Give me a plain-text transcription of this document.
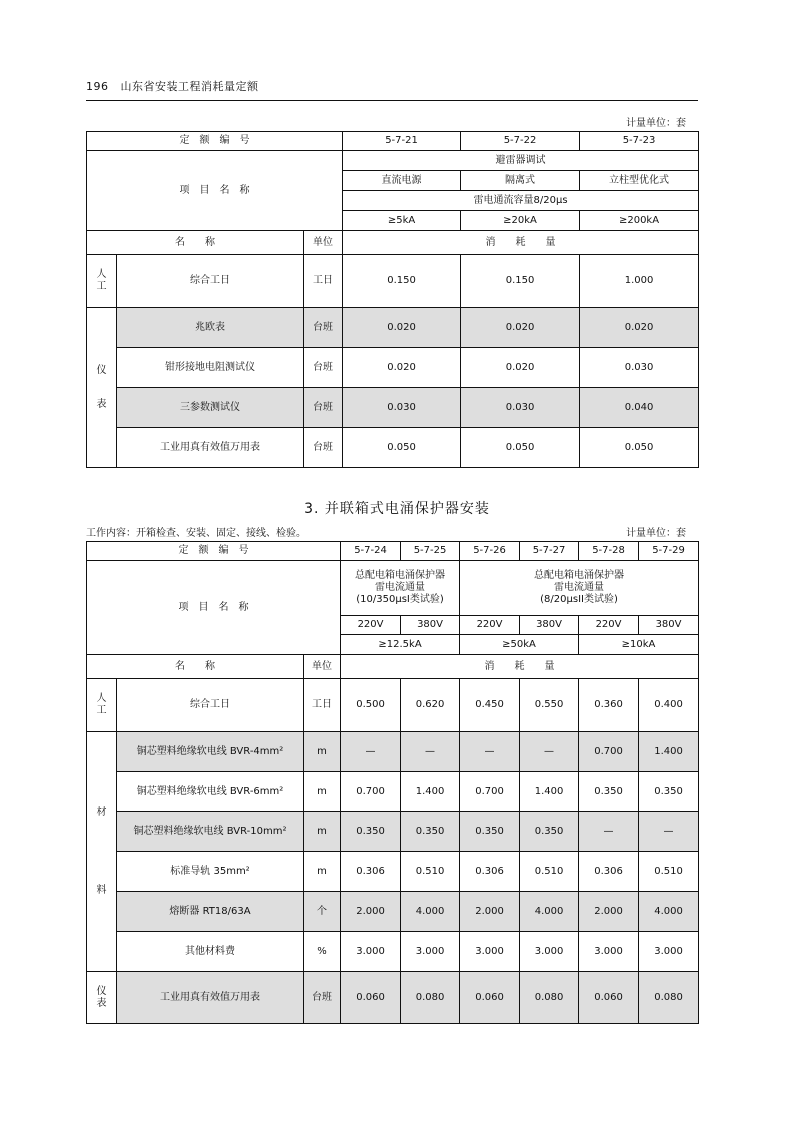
196 山东省安装工程消耗量定额
计量单位：套
定　额　编　号			5-7-21	5-7-22	5-7-23
项　目　名　称			避雷器调试		
			直流电源	隔离式	立柱型优化式
			雷电通流容量8/20μs		
			≥5kA	≥20kA	≥200kA
名　　称		单位	消　　耗　　量		

人
工	综合工日	工日	0.150	0.150	1.000

仪
表	兆欧表	台班	0.020	0.020	0.020
	钳形接地电阻测试仪	台班	0.020	0.020	0.030
	三参数测试仪	台班	0.030	0.030	0.040
	工业用真有效值万用表	台班	0.050	0.050	0.050
3. 并联箱式电涌保护器安装
工作内容：开箱检查、安装、固定、接线、检验。	计量单位：套
定　额　编　号			5-7-24	5-7-25	5-7-26	5-7-27	5-7-28	5-7-29
项　目　名　称			总配电箱电涌保护器
雷电流通量
(10/350μsI类试验)		总配电箱电涌保护器
雷电流通量
(8/20μsII类试验)			

			220V	380V	220V	380V	220V	380V
			≥12.5kA		≥50kA		≥10kA	
名　　称		单位	消　　耗　　量					

人
工	综合工日	工日	0.500	0.620	0.450	0.550	0.360	0.400

材
料	铜芯塑料绝缘软电线 BVR-4mm²	m	—	—	—	—	0.700	1.400
	铜芯塑料绝缘软电线 BVR-6mm²	m	0.700	1.400	0.700	1.400	0.350	0.350
	铜芯塑料绝缘软电线 BVR-10mm²	m	0.350	0.350	0.350	0.350	—	—
	标准导轨 35mm²	m	0.306	0.510	0.306	0.510	0.306	0.510
	熔断器 RT18/63A	个	2.000	4.000	2.000	4.000	2.000	4.000
	其他材料费	%	3.000	3.000	3.000	3.000	3.000	3.000

仪
表	工业用真有效值万用表	台班	0.060	0.080	0.060	0.080	0.060	0.080
